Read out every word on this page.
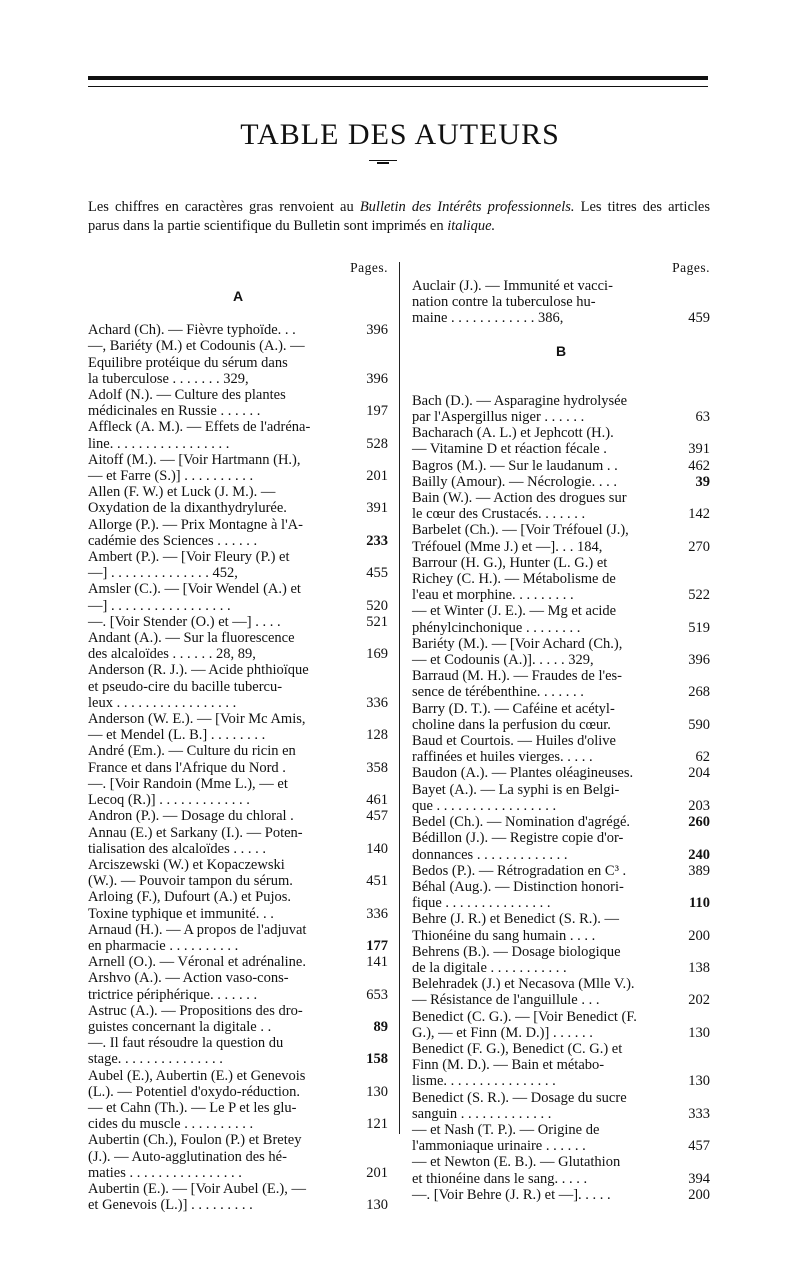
TABLE DES AUTEURS
Les chiffres en caractères gras renvoient au Bulletin des Intérêts professionnels. Les titres des articles parus dans la partie scientifique du Bulletin sont imprimés en italique.
Pages.
A
Achard (Ch). — Fièvre typhoïde. . .	396
—, Bariéty (M.) et Codounis (A.). —
Equilibre protéique du sérum dans
la tuberculose . . . . . . . 329,	396
Adolf (N.). — Culture des plantes
médicinales en Russie . . . . . .	197
Affleck (A. M.). — Effets de l'adréna-
line. . . . . . . . . . . . . . . . .	528
Aitoff (M.). — [Voir Hartmann (H.),
— et Farre (S.)] . . . . . . . . . .	201
Allen (F. W.) et Luck (J. M.). —
Oxydation de la dixanthydrylurée.	391
Allorge (P.). — Prix Montagne à l'A-
cadémie des Sciences . . . . . .	233
Ambert (P.). — [Voir Fleury (P.) et
—] . . . . . . . . . . . . . . 452,	455
Amsler (C.). — [Voir Wendel (A.) et
—] . . . . . . . . . . . . . . . . .	520
—. [Voir Stender (O.) et —] . . . .	521
Andant (A.). — Sur la fluorescence
des alcaloïdes . . . . . . 28, 89,	169
Anderson (R. J.). — Acide phthioïque
et pseudo-cire du bacille tubercu-
leux . . . . . . . . . . . . . . . . .	336
Anderson (W. E.). — [Voir Mc Amis,
— et Mendel (L. B.] . . . . . . . .	128
André (Em.). — Culture du ricin en
France et dans l'Afrique du Nord .	358
—. [Voir Randoin (Mme L.), — et
Lecoq (R.)] . . . . . . . . . . . . .	461
Andron (P.). — Dosage du chloral .	457
Annau (E.) et Sarkany (I.). — Poten-
tialisation des alcaloïdes . . . . .	140
Arciszewski (W.) et Kopaczewski
(W.). — Pouvoir tampon du sérum.	451
Arloing (F.), Dufourt (A.) et Pujos.
Toxine typhique et immunité. . .	336
Arnaud (H.). — A propos de l'adjuvat
en pharmacie . . . . . . . . . .	177
Arnell (O.). — Véronal et adrénaline.	141
Arshvo (A.). — Action vaso-cons-
trictrice périphérique. . . . . . .	653
Astruc (A.). — Propositions des dro-
guistes concernant la digitale . .	89
—. Il faut résoudre la question du
stage. . . . . . . . . . . . . . .	158
Aubel (E.), Aubertin (E.) et Genevois
(L.). — Potentiel d'oxydo-réduction.	130
— et Cahn (Th.). — Le P et les glu-
cides du muscle . . . . . . . . . .	121
Aubertin (Ch.), Foulon (P.) et Bretey
(J.). — Auto-agglutination des hé-
maties . . . . . . . . . . . . . . . .	201
Aubertin (E.). — [Voir Aubel (E.), —
et Genevois (L.)] . . . . . . . . .	130
Pages.
Auclair (J.). — Immunité et vacci-
nation contre la tuberculose hu-
maine . . . . . . . . . . . . 386,	459
B
Bach (D.). — Asparagine hydrolysée
par l'Aspergillus niger . . . . . .	63
Bacharach (A. L.) et Jephcott (H.).
— Vitamine D et réaction fécale .	391
Bagros (M.). — Sur le laudanum . .	462
Bailly (Amour). — Nécrologie. . . .	39
Bain (W.). — Action des drogues sur
le cœur des Crustacés. . . . . . .	142
Barbelet (Ch.). — [Voir Tréfouel (J.),
Tréfouel (Mme J.) et —]. . . 184,	270
Barrour (H. G.), Hunter (L. G.) et
Richey (C. H.). — Métabolisme de
l'eau et morphine. . . . . . . . .	522
— et Winter (J. E.). — Mg et acide
phénylcinchonique . . . . . . . .	519
Bariéty (M.). — [Voir Achard (Ch.),
— et Codounis (A.)]. . . . . 329,	396
Barraud (M. H.). — Fraudes de l'es-
sence de térébenthine. . . . . . .	268
Barry (D. T.). — Caféine et acétyl-
choline dans la perfusion du cœur.	590
Baud et Courtois. — Huiles d'olive
raffinées et huiles vierges. . . . .	62
Baudon (A.). — Plantes oléagineuses.	204
Bayet (A.). — La syphi is en Belgi-
que . . . . . . . . . . . . . . . . .	203
Bedel (Ch.). — Nomination d'agrégé.	260
Bédillon (J.). — Registre copie d'or-
donnances . . . . . . . . . . . . .	240
Bedos (P.). — Rétrogradation en C³ .	389
Béhal (Aug.). — Distinction honori-
fique . . . . . . . . . . . . . . .	110
Behre (J. R.) et Benedict (S. R.). —
Thionéine du sang humain . . . .	200
Behrens (B.). — Dosage biologique
de la digitale . . . . . . . . . . .	138
Belehradek (J.) et Necasova (Mlle V.).
— Résistance de l'anguillule . . .	202
Benedict (C. G.). — [Voir Benedict (F.
G.), — et Finn (M. D.)] . . . . . .	130
Benedict (F. G.), Benedict (C. G.) et
Finn (M. D.). — Bain et métabo-
lisme. . . . . . . . . . . . . . . .	130
Benedict (S. R.). — Dosage du sucre
sanguin . . . . . . . . . . . . .	333
— et Nash (T. P.). — Origine de
l'ammoniaque urinaire . . . . . .	457
— et Newton (E. B.). — Glutathion
et thionéine dans le sang. . . . .	394
—. [Voir Behre (J. R.) et —]. . . . .	200
